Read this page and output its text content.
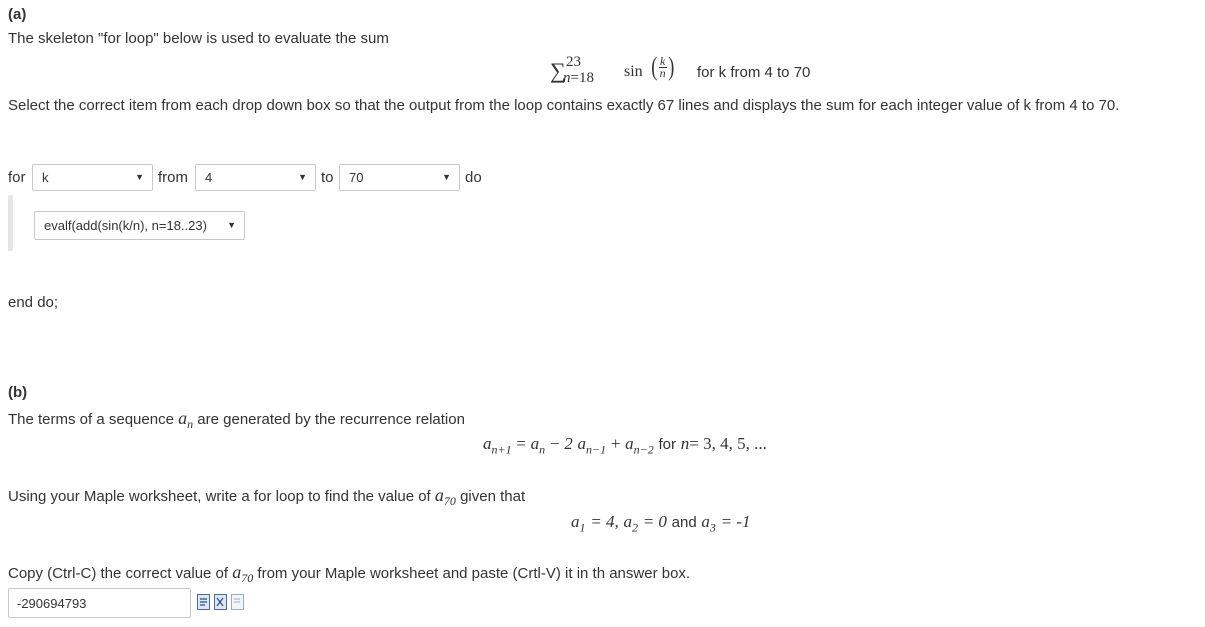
(a)
The skeleton "for loop" below is used to evaluate the sum
∑ 23
n=18 sin ( $\frac{k}{n}$ ) for k from 4 to 70
Select the correct item from each drop down box so that the output from the loop contains exactly 67 lines and displays the sum for each integer value of k from 4 to 70.
for k	▼ from 4	▼ to 70	▼ do
evalf(add(sin(k/n), n=18..23) ▼
end do;
(b)
The terms of a sequence $a_n$ are generated by the recurrence relation
$a_{n+1} = a_n - 2$ $a_{n-1} + a_{n-2}$ for n= 3, 4, 5, ...
Using your Maple worksheet, write a for loop to find the value of $a_{70}$ given that
$a_1 = 4$, $a_2 = 0$ and $a_3 = -1$
Copy (Ctrl-C) the correct value of $a_{70}$ from your Maple worksheet and paste (Crtl-V) it in th answer box.
-290694793
